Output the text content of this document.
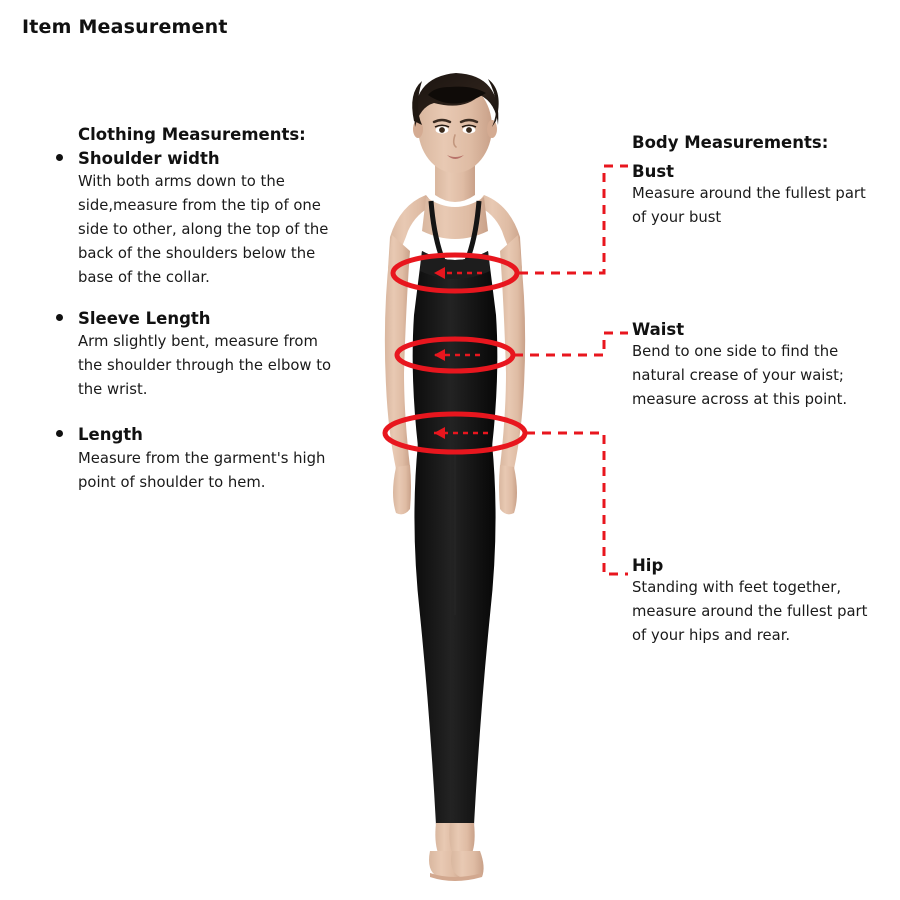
Item Measurement
Clothing Measurements:
Shoulder width
With both arms down to the side,measure from the tip of one side to other, along the top of the back of the shoulders below the base of the collar.
Sleeve Length
Arm slightly bent, measure from the shoulder through the elbow to the wrist.
Length
Measure from the garment's high point of shoulder to hem.
Body Measurements:
Bust
Measure around the fullest part of your bust
Waist
Bend to one side to find the natural crease of your waist; measure across at this point.
Hip
Standing with feet together, measure around the fullest part of your hips and rear.
